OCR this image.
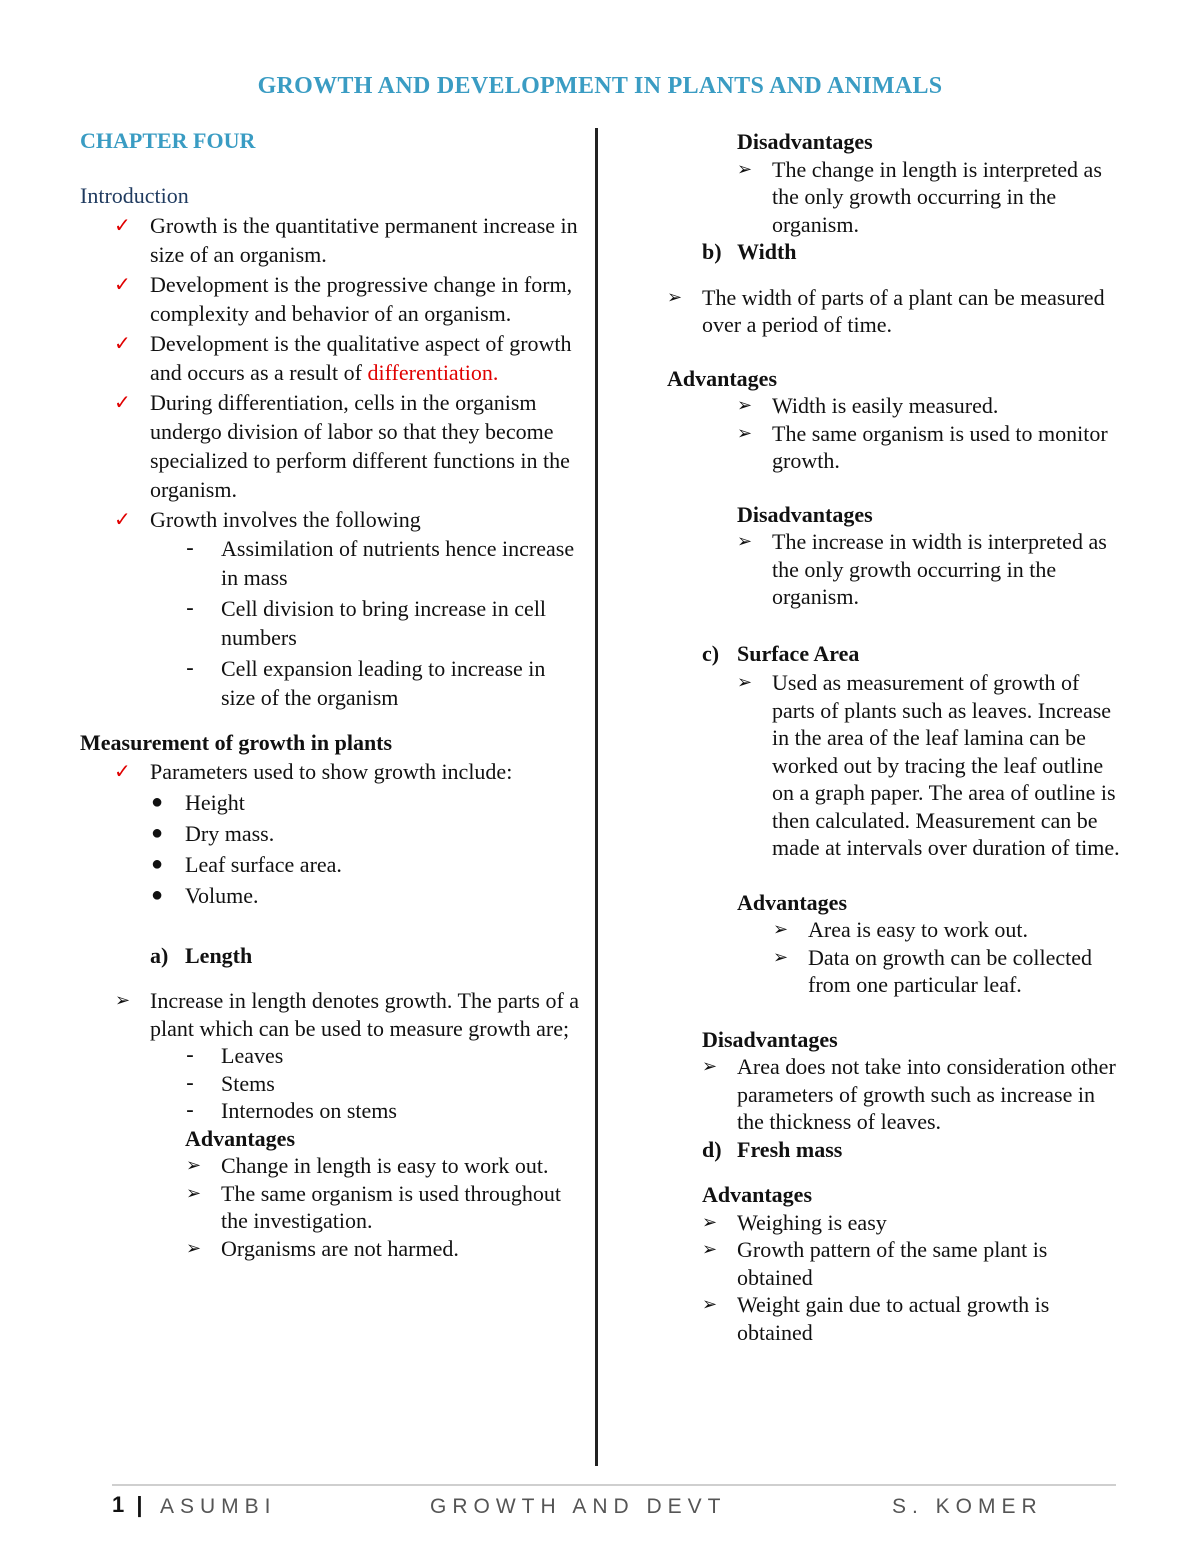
GROWTH AND DEVELOPMENT IN PLANTS AND ANIMALS
CHAPTER FOUR
Introduction
✓ Growth is the quantitative permanent increase in size of an organism.
✓ Development is the progressive change in form, complexity and behavior of an organism.
✓ Development is the qualitative aspect of growth and occurs as a result of differentiation.
✓ During differentiation, cells in the organism undergo division of labor so that they become specialized to perform different functions in the organism.
✓ Growth involves the following
-	Assimilation of nutrients hence increase in mass
-	Cell division to bring increase in cell numbers
-	Cell expansion leading to increase in size of the organism
Measurement of growth in plants
✓ Parameters used to show growth include:
● Height
● Dry mass.
● Leaf surface area.
● Volume.
a) Length
➢ Increase in length denotes growth. The parts of a plant which can be used to measure growth are;
-	Leaves
-	Stems
-	Internodes on stems
Advantages
➢ Change in length is easy to work out.
➢ The same organism is used throughout the investigation.
➢ Organisms are not harmed.
Disadvantages
➢ The change in length is interpreted as the only growth occurring in the organism.
b) Width
➢ The width of parts of a plant can be measured over a period of time.
Advantages
➢ Width is easily measured.
➢ The same organism is used to monitor growth.
Disadvantages
➢ The increase in width is interpreted as the only growth occurring in the organism.
c) Surface Area
➢ Used as measurement of growth of parts of plants such as leaves. Increase in the area of the leaf lamina can be worked out by tracing the leaf outline on a graph paper. The area of outline is then calculated. Measurement can be made at intervals over duration of time.
Advantages
➢ Area is easy to work out.
➢ Data on growth can be collected from one particular leaf.
Disadvantages
➢ Area does not take into consideration other parameters of growth such as increase in the thickness of leaves.
d) Fresh mass
Advantages
➢ Weighing is easy
➢ Growth pattern of the same plant is obtained
➢ Weight gain due to actual growth is obtained
1 | ASUMBI	GROWTH AND DEVT	S. KOMER
